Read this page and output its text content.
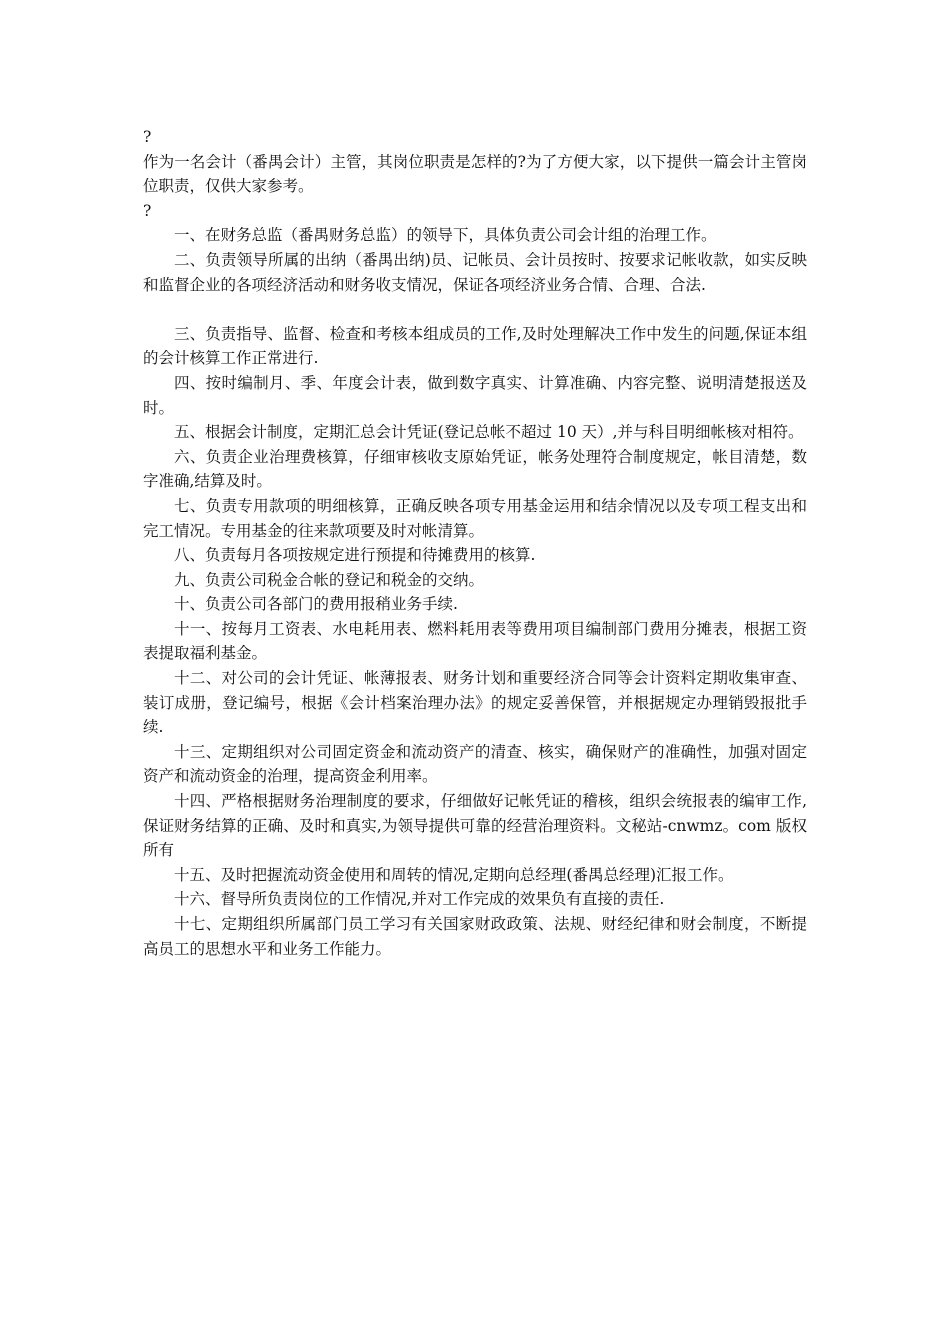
?

作为一名会计（番禺会计）主管，其岗位职责是怎样的?为了方便大家，以下提供一篇会计主管岗位职责，仅供大家参考。

?

一、在财务总监（番禺财务总监）的领导下，具体负责公司会计组的治理工作。

二、负责领导所属的出纳（番禺出纳)员、记帐员、会计员按时、按要求记帐收款，如实反映和监督企业的各项经济活动和财务收支情况，保证各项经济业务合情、合理、合法.

三、负责指导、监督、检查和考核本组成员的工作,及时处理解决工作中发生的问题,保证本组的会计核算工作正常进行.

四、按时编制月、季、年度会计表，做到数字真实、计算准确、内容完整、说明清楚报送及时。

五、根据会计制度，定期汇总会计凭证(登记总帐不超过 10 天）,并与科目明细帐核对相符。

六、负责企业治理费核算，仔细审核收支原始凭证，帐务处理符合制度规定，帐目清楚，数字准确,结算及时。

七、负责专用款项的明细核算，正确反映各项专用基金运用和结余情况以及专项工程支出和完工情况。专用基金的往来款项要及时对帐清算。

八、负责每月各项按规定进行预提和待摊费用的核算.

九、负责公司税金合帐的登记和税金的交纳。

十、负责公司各部门的费用报稍业务手续.

十一、按每月工资表、水电耗用表、燃料耗用表等费用项目编制部门费用分摊表，根据工资表提取福利基金。

十二、对公司的会计凭证、帐薄报表、财务计划和重要经济合同等会计资料定期收集审查、装订成册，登记编号，根据《会计档案治理办法》的规定妥善保管，并根据规定办理销毁报批手续.

十三、定期组织对公司固定资金和流动资产的清查、核实，确保财产的准确性，加强对固定资产和流动资金的治理，提高资金利用率。

十四、严格根据财务治理制度的要求，仔细做好记帐凭证的稽核，组织会统报表的编审工作,保证财务结算的正确、及时和真实,为领导提供可靠的经营治理资料。文秘站-cnwmz。com 版权所有

十五、及时把握流动资金使用和周转的情况,定期向总经理(番禺总经理)汇报工作。

十六、督导所负责岗位的工作情况,并对工作完成的效果负有直接的责任.

十七、定期组织所属部门员工学习有关国家财政政策、法规、财经纪律和财会制度，不断提高员工的思想水平和业务工作能力。
